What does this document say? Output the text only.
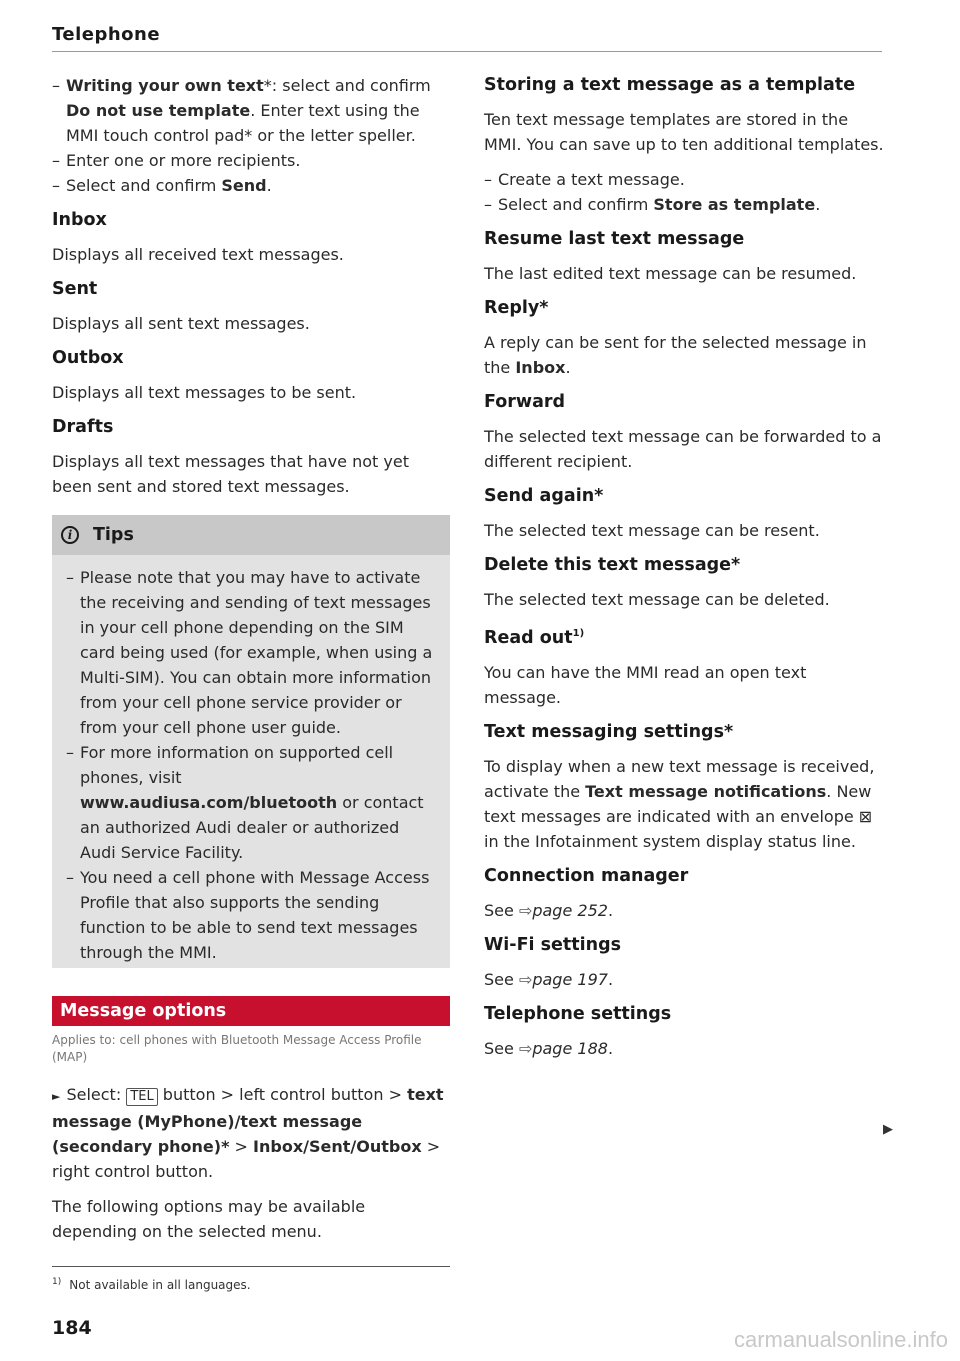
Telephone

– Writing your own text*: select and confirm Do not use template. Enter text using the MMI touch control pad* or the letter speller.

– Enter one or more recipients.

– Select and confirm Send.

Inbox

Displays all received text messages.

Sent

Displays all sent text messages.

Outbox

Displays all text messages to be sent.

Drafts

Displays all text messages that have not yet been sent and stored text messages.

i	Tips

– Please note that you may have to activate the receiving and sending of text messages in your cell phone depending on the SIM card being used (for example, when using a Multi-SIM). You can obtain more information from your cell phone service provider or from your cell phone user guide.

– For more information on supported cell phones, visit www.audiusa.com/bluetooth or contact an authorized Audi dealer or authorized Audi Service Facility.

– You need a cell phone with Message Access Profile that also supports the sending function to be able to send text messages through the MMI.

Message options
Applies to: cell phones with Bluetooth Message Access Profile (MAP)

► Select: TEL button > left control button > text message (MyPhone)/text message (secondary phone)* > Inbox/Sent/Outbox > right control button.

The following options may be available depending on the selected menu.

Storing a text message as a template

Ten text message templates are stored in the MMI. You can save up to ten additional templates.

– Create a text message.

– Select and confirm Store as template.

Resume last text message

The last edited text message can be resumed.

Reply*

A reply can be sent for the selected message in the Inbox.

Forward

The selected text message can be forwarded to a different recipient.

Send again*

The selected text message can be resent.

Delete this text message*

The selected text message can be deleted.

Read out$^{1)}$

You can have the MMI read an open text message.

Text messaging settings*

To display when a new text message is received, activate the Text message notifications. New text messages are indicated with an envelope ⊠ in the Infotainment system display status line.

Connection manager

See ⇨page 252.

Wi-Fi settings

See ⇨page 197.

Telephone settings

See ⇨page 188.

▶
$^{1)}$ Not available in all languages.
184	carmanualsonline.info
